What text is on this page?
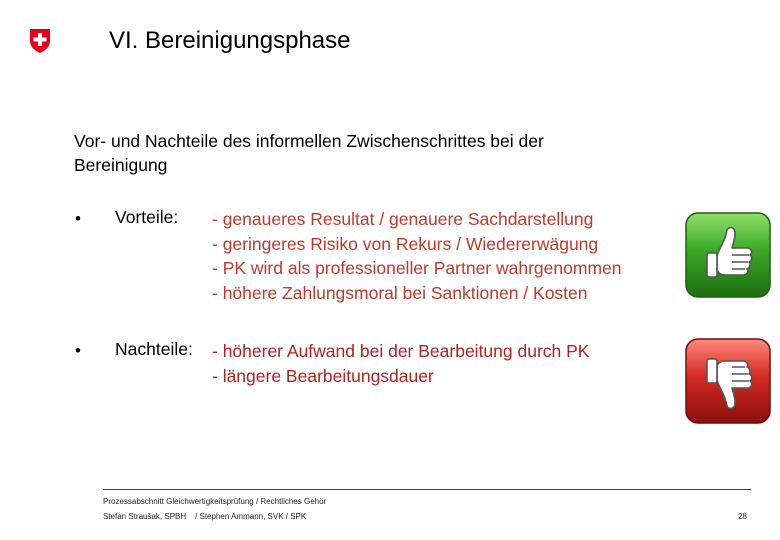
VI. Bereinigungsphase
Vor- und Nachteile des informellen Zwischenschrittes bei der
Bereinigung
• Vorteile: - genaueres Resultat / genauere Sachdarstellung
- geringeres Risiko von Rekurs / Wiedererwägung
- PK wird als professioneller Partner wahrgenommen
- höhere Zahlungsmoral bei Sanktionen / Kosten
• Nachteile: - höherer Aufwand bei der Bearbeitung durch PK
- längere Bearbeitungsdauer
Prozessabschnitt Gleichwertigkeitsprüfung / Rechtliches Gehör
Stefan Straušak, SPBH    / Stephen Ammann, SVK / SPK	28
